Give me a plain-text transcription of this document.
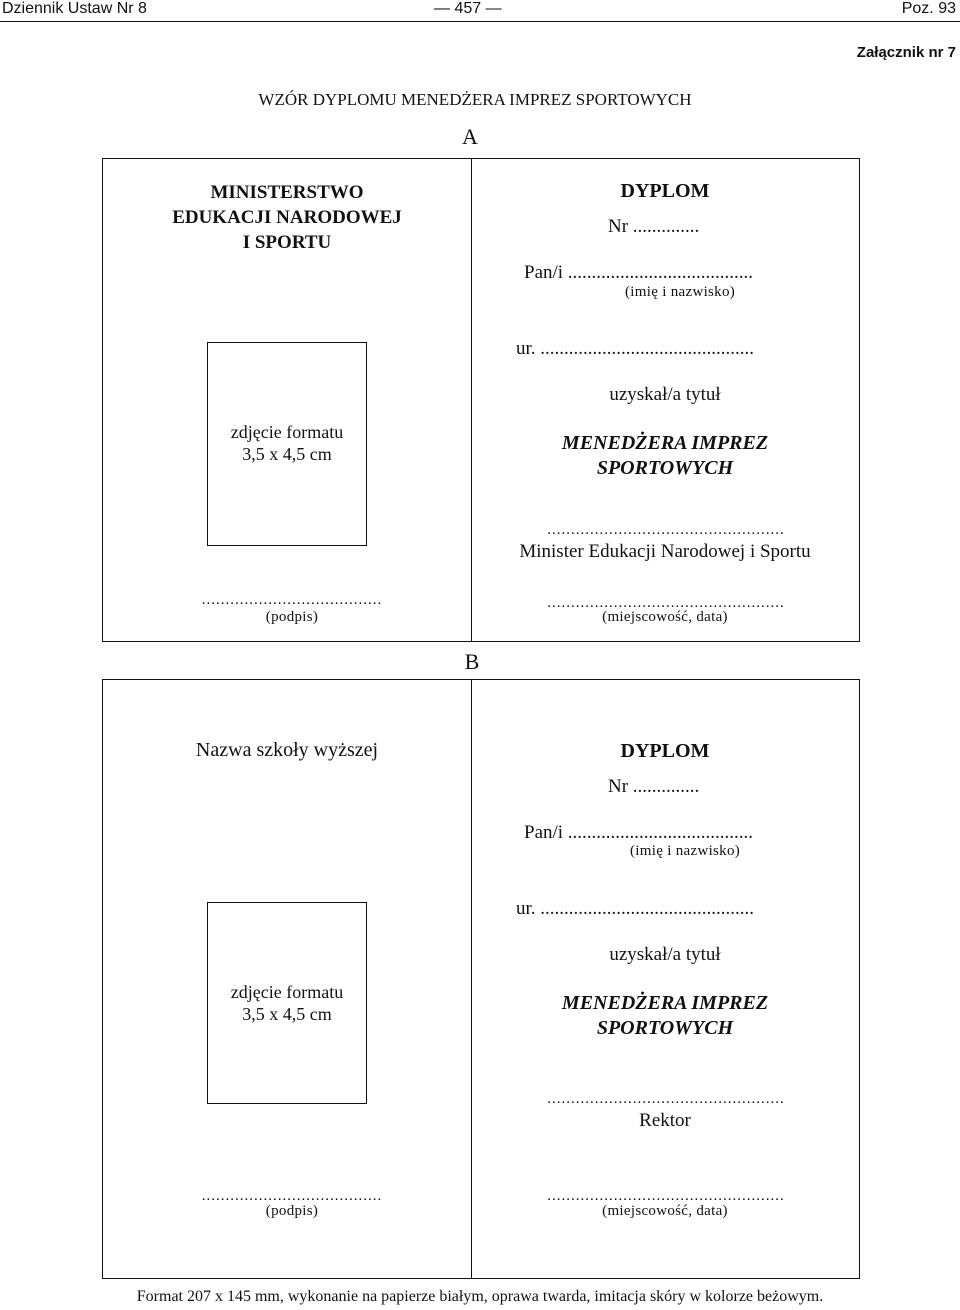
Dziennik Ustaw Nr 8	— 457 —	Poz. 93
Załącznik nr 7
WZÓR DYPLOMU MENEDŻERA IMPREZ SPORTOWYCH
A
MINISTERSTWO
EDUKACJI NARODOWEJ
I SPORTU
zdjęcie formatu
3,5 x 4,5 cm
......................................
(podpis)
DYPLOM
Nr ..............
Pan/i .......................................
(imię i nazwisko)
ur. .............................................
uzyskał/a tytuł
MENEDŻERA IMPREZ
SPORTOWYCH
..................................................
Minister Edukacji Narodowej i Sportu
..................................................
(miejscowość, data)
B
Nazwa szkoły wyższej
zdjęcie formatu
3,5 x 4,5 cm
......................................
(podpis)
DYPLOM
Nr ..............
Pan/i .......................................
(imię i nazwisko)
ur. .............................................
uzyskał/a tytuł
MENEDŻERA IMPREZ
SPORTOWYCH
..................................................
Rektor
..................................................
(miejscowość, data)
Format 207 x 145 mm, wykonanie na papierze białym, oprawa twarda, imitacja skóry w kolorze beżowym.
